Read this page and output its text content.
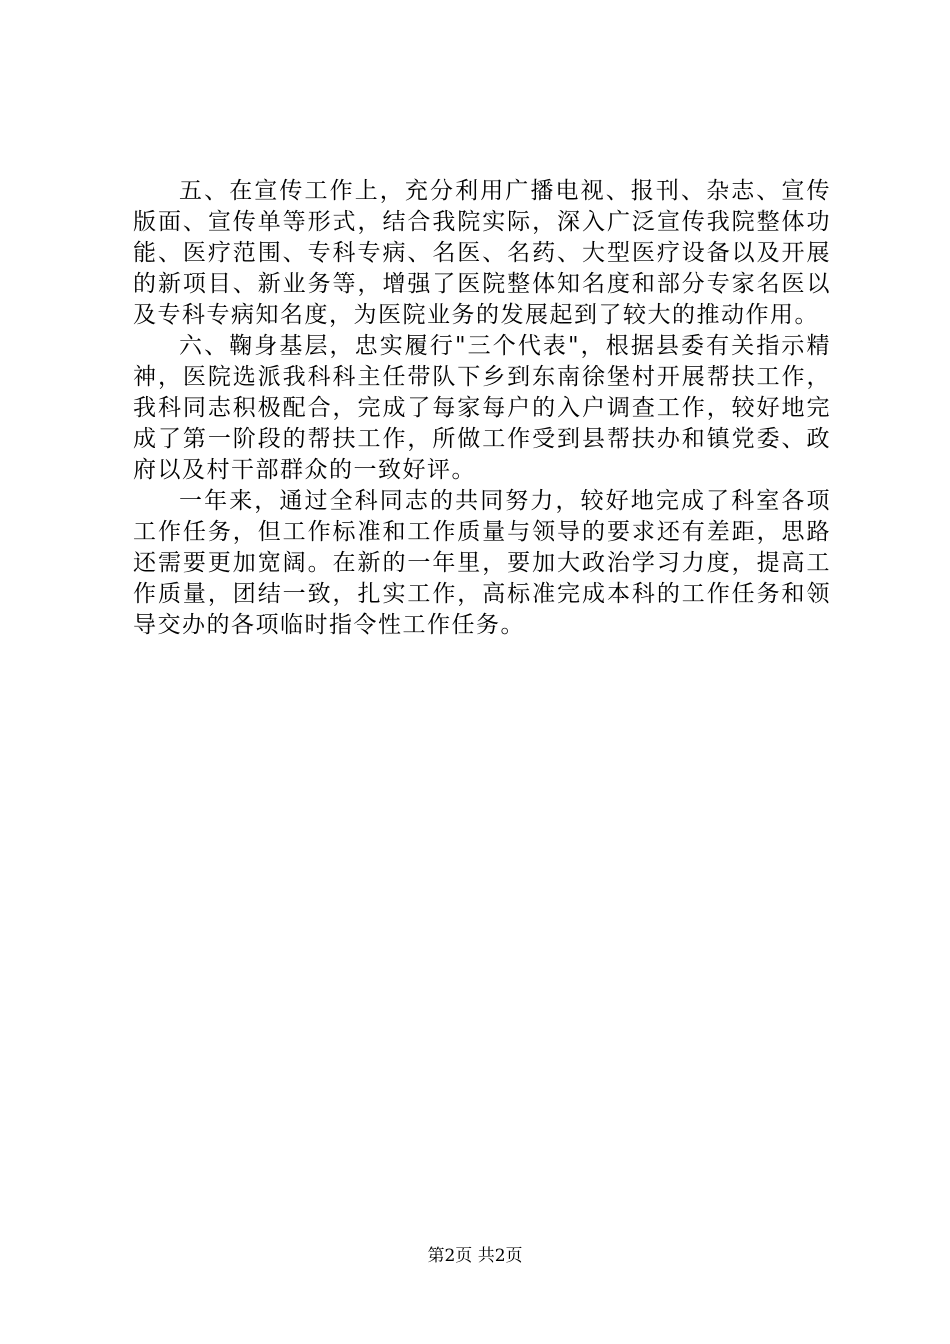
五、在宣传工作上，充分利用广播电视、报刊、杂志、宣传版面、宣传单等形式，结合我院实际，深入广泛宣传我院整体功能、医疗范围、专科专病、名医、名药、大型医疗设备以及开展的新项目、新业务等，增强了医院整体知名度和部分专家名医以及专科专病知名度，为医院业务的发展起到了较大的推动作用。

六、鞠身基层，忠实履行"三个代表"，根据县委有关指示精神，医院选派我科科主任带队下乡到东南徐堡村开展帮扶工作，我科同志积极配合，完成了每家每户的入户调查工作，较好地完成了第一阶段的帮扶工作，所做工作受到县帮扶办和镇党委、政府以及村干部群众的一致好评。

一年来，通过全科同志的共同努力，较好地完成了科室各项工作任务，但工作标准和工作质量与领导的要求还有差距，思路还需要更加宽阔。在新的一年里，要加大政治学习力度，提高工作质量，团结一致，扎实工作，高标准完成本科的工作任务和领导交办的各项临时指令性工作任务。

第2页 共2页
